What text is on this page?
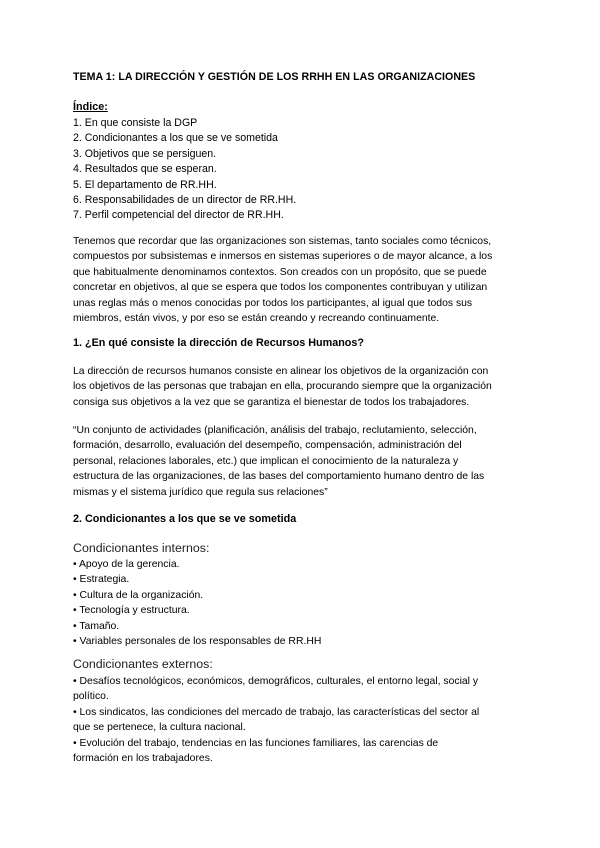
TEMA 1: LA DIRECCIÓN Y GESTIÓN DE LOS RRHH EN LAS ORGANIZACIONES
Índice:
1. En que consiste la DGP
2. Condicionantes a los que se ve sometida
3. Objetivos que se persiguen.
4. Resultados que se esperan.
5. El departamento de RR.HH.
6. Responsabilidades de un director de RR.HH.
7. Perfil competencial del director de RR.HH.

Tenemos que recordar que las organizaciones son sistemas, tanto sociales como técnicos,
compuestos por subsistemas e inmersos en sistemas superiores o de mayor alcance, a los
que habitualmente denominamos contextos. Son creados con un propósito, que se puede
concretar en objetivos, al que se espera que todos los componentes contribuyan y utilizan
unas reglas más o menos conocidas por todos los participantes, al igual que todos sus
miembros, están vivos, y por eso se están creando y recreando continuamente.

1. ¿En qué consiste la dirección de Recursos Humanos?

La dirección de recursos humanos consiste en alinear los objetivos de la organización con
los objetivos de las personas que trabajan en ella, procurando siempre que la organización
consiga sus objetivos a la vez que se garantiza el bienestar de todos los trabajadores.

“Un conjunto de actividades (planificación, análisis del trabajo, reclutamiento, selección,
formación, desarrollo, evaluación del desempeño, compensación, administración del
personal, relaciones laborales, etc.) que implican el conocimiento de la naturaleza y
estructura de las organizaciones, de las bases del comportamiento humano dentro de las
mismas y el sistema jurídico que regula sus relaciones”

2. Condicionantes a los que se ve sometida
Condicionantes internos:
• Apoyo de la gerencia.
• Estrategia.
• Cultura de la organización.
• Tecnología y estructura.
• Tamaño.
• Variables personales de los responsables de RR.HH
Condicionantes externos:
• Desafíos tecnológicos, económicos, demográficos, culturales, el entorno legal, social y
político.
• Los sindicatos, las condiciones del mercado de trabajo, las características del sector al
que se pertenece, la cultura nacional.
• Evolución del trabajo, tendencias en las funciones familiares, las carencias de
formación en los trabajadores.
